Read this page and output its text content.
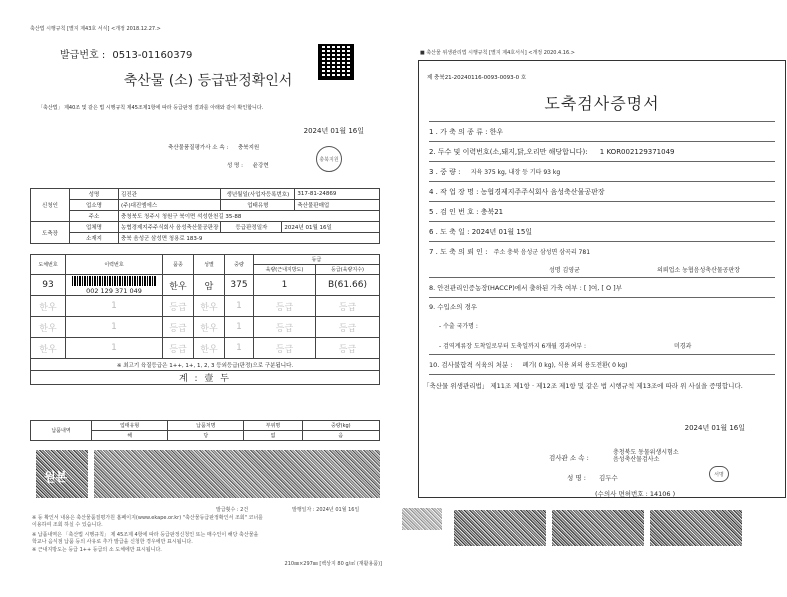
축산법 시행규칙 [별지 제43호 서식] <개정 2018.12.27.>
발급번호 : 0513-01160379
축산물 (소) 등급판정확인서
「축산법」 제40조 및 같은 법 시행규칙 제45조제1항에 따라 등급판정 결과를 아래와 같이 확인합니다.
2024년 01월 16일
축산물품질평가사 소 속 : 충북지원
성 명 : 윤강현
충북지원
신청인	성명	김진관	생년월일(사업자등록번호)		317-81-24869
	업소명	(주)대진엠에스	업태유형		축산물판매업
	주소	충청북도 청주시 청원구 북이면 석성한천길 35-88			
도축장	업체명	농협경제지주주식회사 음성축산물공판장	등급판정일자	2024년 01월 16일	
	소재지	충북 음성군 삼성면 청용로 183-9			
도체번호	이력번호	품종	성별	중량	등급	
					육량(근내지방도)	등급(육량지수)
93	002 129 371 049	한우	암	375	1	B(61.66)
한우	1	등급	한우	1	등급	등급
한우	1	등급	한우	1	등급	등급
한우	1	등급	한우	1	등급	등급
※ 최고기 육질등급은 1++, 1+, 1, 2, 3 등외등급(판정)으로 구분됩니다.						
계 : 壹 두						
납품내역	업태유형	납품처명	부위명	중량(kg)
	해	당	없	음
원본
발급횟수 : 2건	발행일자 : 2024년 01월 16일
※ 등 확인서 내용은 축산물품질평가원 홈페이지(www.ekape.or.kr) "축산물등급판정확인서 조회" 코너를
이용하여 조회 하실 수 있습니다.
※ 납품내역은 「축산법 시행규칙」 제 45조제 4항에 따라 등급판정신청인 또는 매수인이 해당 축산물을
학교나 음식점 납품 등의 사유로 추가 발급을 신청한 경우에만 표시됩니다.
※ 근내지방도는 등급 1++ 등급의 소 도체에만 표시됩니다.
210㎜×297㎜ [백상지 80 g/㎡ (재활용품)]
■ 축산물 위생관리법 시행규칙 [별지 제4호서식] <개정 2020.4.16.>
제 충북21-20240116-0093-0093-0 호
도축검사증명서
1 . 가 축 의 종 류 : 한우
2. 두수 및 이력번호(소,돼지,닭,오리만 해당합니다): 1 KOR002129371049
3 . 중 량 : 지육 375 kg, 내장 등 기타 93 kg
4 . 작 업 장 명 : 농협경제지주주식회사 음성축산물공판장
5 . 검 인 번 호 : 충북21
6 . 도 축 일 : 2024년 01월 15일
7 . 도 축 의 뢰 인 : 주소 충북 음성군 삼성면 삼곡리 781
성명 김영균	의뢰업소 농협음성축산물공판장
8. 안전관리인증농장(HACCP)에서 출하된 가축 여부 : [ ]여, [ O ]부
9. 수입소의 경우
- 수출 국가명 :
- 검역계류장 도착일로부터 도축일까지 6개월 경과여부 :	미경과
10. 검사불합격 식육의 처분 : 폐기( 0 kg), 식용 외의 용도전환( 0 kg)
「축산물 위생관리법」 제11조 제1항 · 제12조 제1항 및 같은 법 시행규칙 제13조에 따라 위 사실을 증명합니다.
2024년 01월 16일
검사관 소 속 :
충청북도 동물위생시험소
음성축산물검사소
성 명 : 김두수	서명
(수의사 면허번호 : 14106 )
